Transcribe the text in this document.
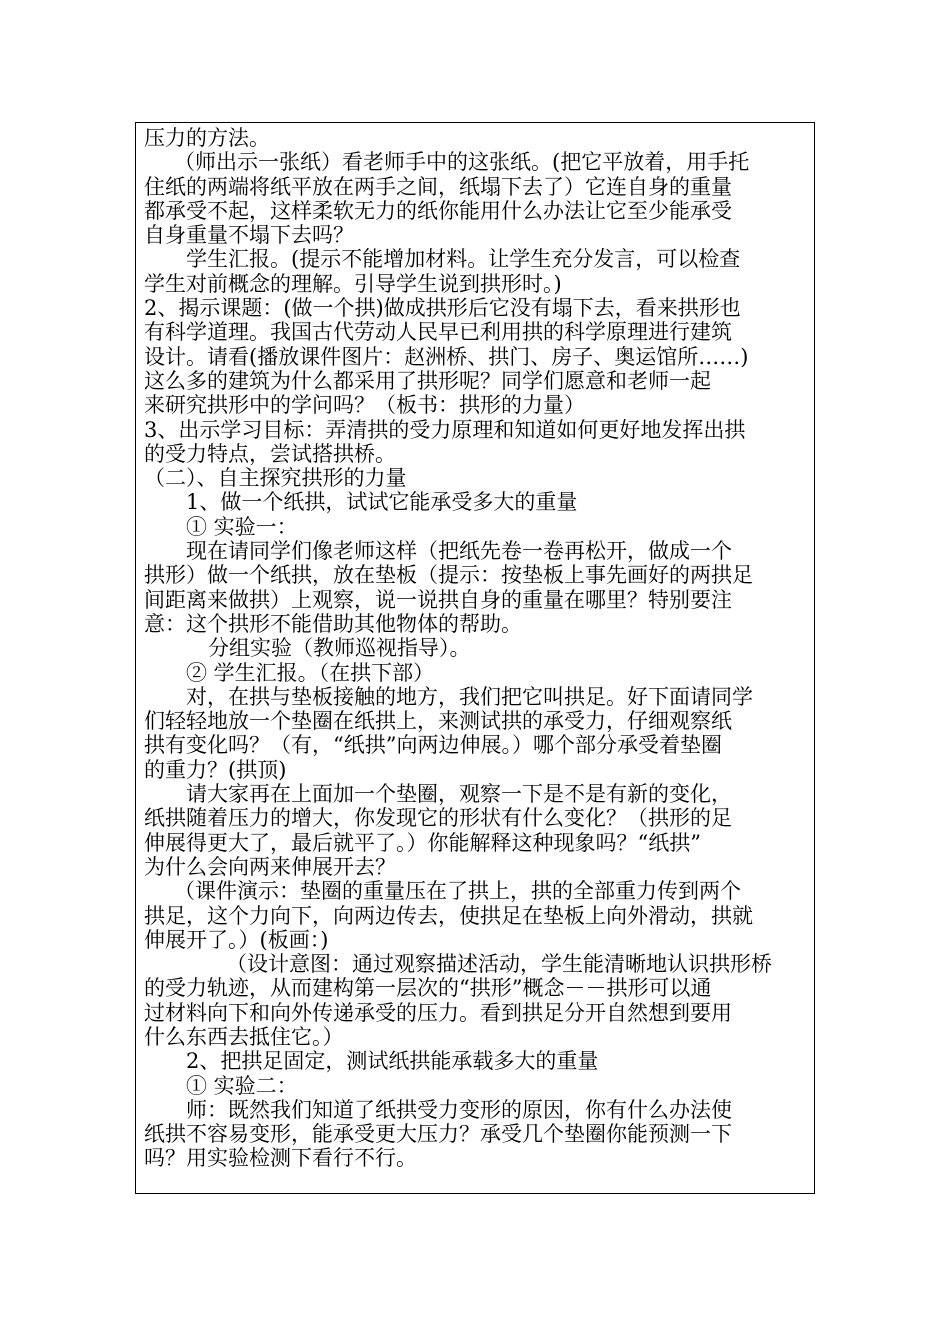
压力的方法。
（师出示一张纸）看老师手中的这张纸。(把它平放着，用手托
住纸的两端将纸平放在两手之间，纸塌下去了）它连自身的重量
都承受不起，这样柔软无力的纸你能用什么办法让它至少能承受
自身重量不塌下去吗？
学生汇报。(提示不能增加材料。让学生充分发言，可以检查
学生对前概念的理解。引导学生说到拱形时。)
2、揭示课题：(做一个拱)做成拱形后它没有塌下去，看来拱形也
有科学道理。我国古代劳动人民早已利用拱的科学原理进行建筑
设计。请看(播放课件图片：赵洲桥、拱门、房子、奥运馆所……)
这么多的建筑为什么都采用了拱形呢？同学们愿意和老师一起
来研究拱形中的学问吗？（板书：拱形的力量）
3、出示学习目标：弄清拱的受力原理和知道如何更好地发挥出拱
的受力特点，尝试搭拱桥。
（二）、自主探究拱形的力量
1、做一个纸拱，试试它能承受多大的重量
① 实验一：
现在请同学们像老师这样（把纸先卷一卷再松开，做成一个
拱形）做一个纸拱，放在垫板（提示：按垫板上事先画好的两拱足
间距离来做拱）上观察，说一说拱自身的重量在哪里？特别要注
意：这个拱形不能借助其他物体的帮助。
分组实验（教师巡视指导）。
② 学生汇报。（在拱下部）
对，在拱与垫板接触的地方，我们把它叫拱足。好下面请同学
们轻轻地放一个垫圈在纸拱上，来测试拱的承受力，仔细观察纸
拱有变化吗？（有，“纸拱”向两边伸展。）哪个部分承受着垫圈
的重力？(拱顶)
请大家再在上面加一个垫圈，观察一下是不是有新的变化，
纸拱随着压力的增大，你发现它的形状有什么变化？（拱形的足
伸展得更大了，最后就平了。）你能解释这种现象吗？“纸拱”
为什么会向两来伸展开去？
（课件演示：垫圈的重量压在了拱上，拱的全部重力传到两个
拱足，这个力向下，向两边传去，使拱足在垫板上向外滑动，拱就
伸展开了。）(板画：)
（设计意图：通过观察描述活动，学生能清晰地认识拱形桥
的受力轨迹，从而建构第一层次的“拱形”概念－－拱形可以通
过材料向下和向外传递承受的压力。看到拱足分开自然想到要用
什么东西去抵住它。）
2、把拱足固定，测试纸拱能承载多大的重量
① 实验二：
师：既然我们知道了纸拱受力变形的原因，你有什么办法使
纸拱不容易变形，能承受更大压力？承受几个垫圈你能预测一下
吗？用实验检测下看行不行。
